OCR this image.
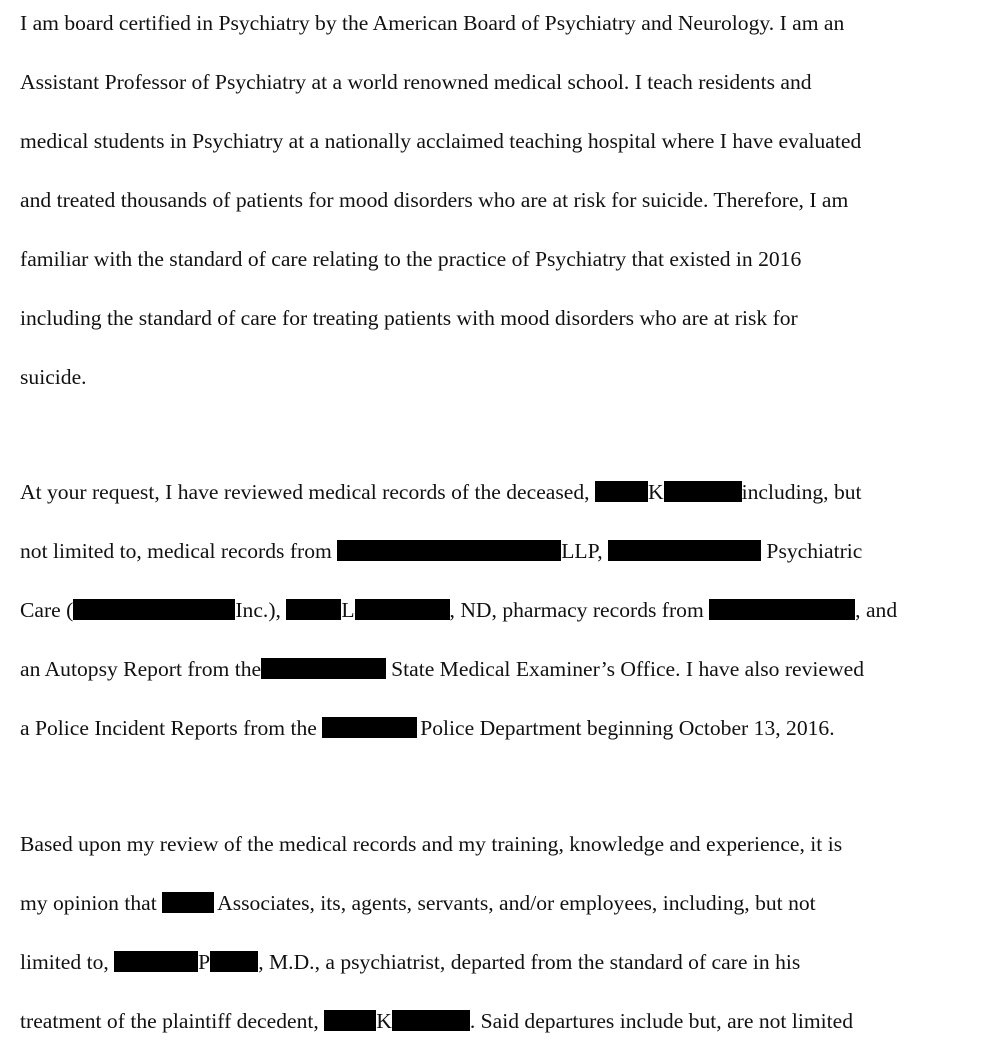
I am board certified in Psychiatry by the American Board of Psychiatry and Neurology. I am an
Assistant Professor of Psychiatry at a world renowned medical school. I teach residents and
medical students in Psychiatry at a nationally acclaimed teaching hospital where I have evaluated
and treated thousands of patients for mood disorders who are at risk for suicide. Therefore, I am
familiar with the standard of care relating to the practice of Psychiatry that existed in 2016
including the standard of care for treating patients with mood disorders who are at risk for
suicide.
At your request, I have reviewed medical records of the deceased, K	including, but
not limited to, medical records from	LLP,	Psychiatric
Care (	Inc.),	L	, ND, pharmacy records from	, and
an Autopsy Report from the	State Medical Examiner’s Office. I have also reviewed
a Police Incident Reports from the	Police Department beginning October 13, 2016.
Based upon my review of the medical records and my training, knowledge and experience, it is
my opinion that	Associates, its, agents, servants, and/or employees, including, but not
limited to,	P , M.D., a psychiatrist, departed from the standard of care in his
treatment of the plaintiff decedent, K	. Said departures include but, are not limited
